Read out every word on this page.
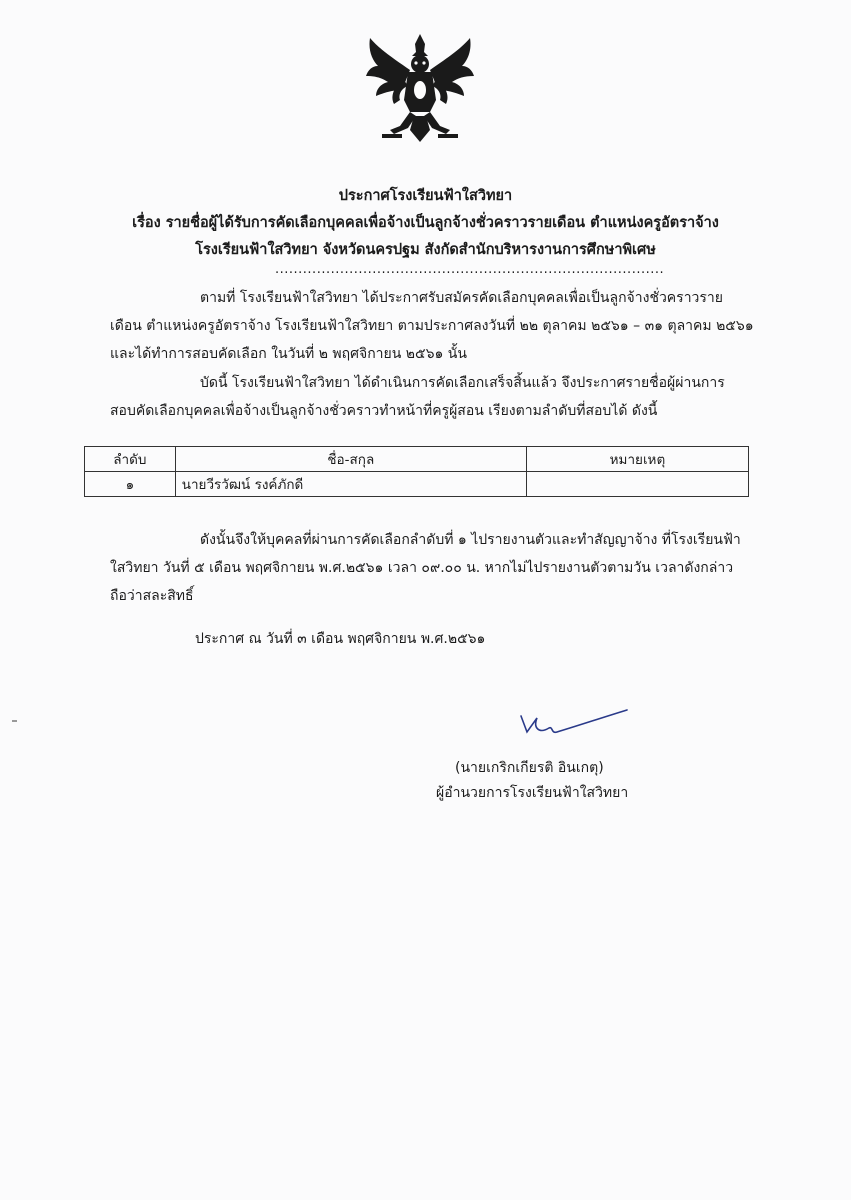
ประกาศโรงเรียนฟ้าใสวิทยา
เรื่อง รายชื่อผู้ได้รับการคัดเลือกบุคคลเพื่อจ้างเป็นลูกจ้างชั่วคราวรายเดือน ตำแหน่งครูอัตราจ้าง
โรงเรียนฟ้าใสวิทยา จังหวัดนครปฐม สังกัดสำนักบริหารงานการศึกษาพิเศษ
....................................................................................
ตามที่ โรงเรียนฟ้าใสวิทยา ได้ประกาศรับสมัครคัดเลือกบุคคลเพื่อเป็นลูกจ้างชั่วคราวราย
เดือน ตำแหน่งครูอัตราจ้าง โรงเรียนฟ้าใสวิทยา ตามประกาศลงวันที่ ๒๒ ตุลาคม ๒๕๖๑ – ๓๑ ตุลาคม ๒๕๖๑
และได้ทำการสอบคัดเลือก ในวันที่ ๒ พฤศจิกายน ๒๕๖๑ นั้น
บัดนี้ โรงเรียนฟ้าใสวิทยา ได้ดำเนินการคัดเลือกเสร็จสิ้นแล้ว จึงประกาศรายชื่อผู้ผ่านการ
สอบคัดเลือกบุคคลเพื่อจ้างเป็นลูกจ้างชั่วคราวทำหน้าที่ครูผู้สอน เรียงตามลำดับที่สอบได้ ดังนี้
ลำดับ	ชื่อ-สกุล	หมายเหตุ
๑	นายวีรวัฒน์ รงค์ภักดี	
ดังนั้นจึงให้บุคคลที่ผ่านการคัดเลือกลำดับที่ ๑ ไปรายงานตัวและทำสัญญาจ้าง ที่โรงเรียนฟ้า
ใสวิทยา วันที่ ๕ เดือน พฤศจิกายน พ.ศ.๒๕๖๑ เวลา ๐๙.๐๐ น. หากไม่ไปรายงานตัวตามวัน เวลาดังกล่าว
ถือว่าสละสิทธิ์
ประกาศ ณ วันที่ ๓ เดือน พฤศจิกายน พ.ศ.๒๕๖๑
(นายเกริกเกียรติ อินเกตุ)
ผู้อำนวยการโรงเรียนฟ้าใสวิทยา
